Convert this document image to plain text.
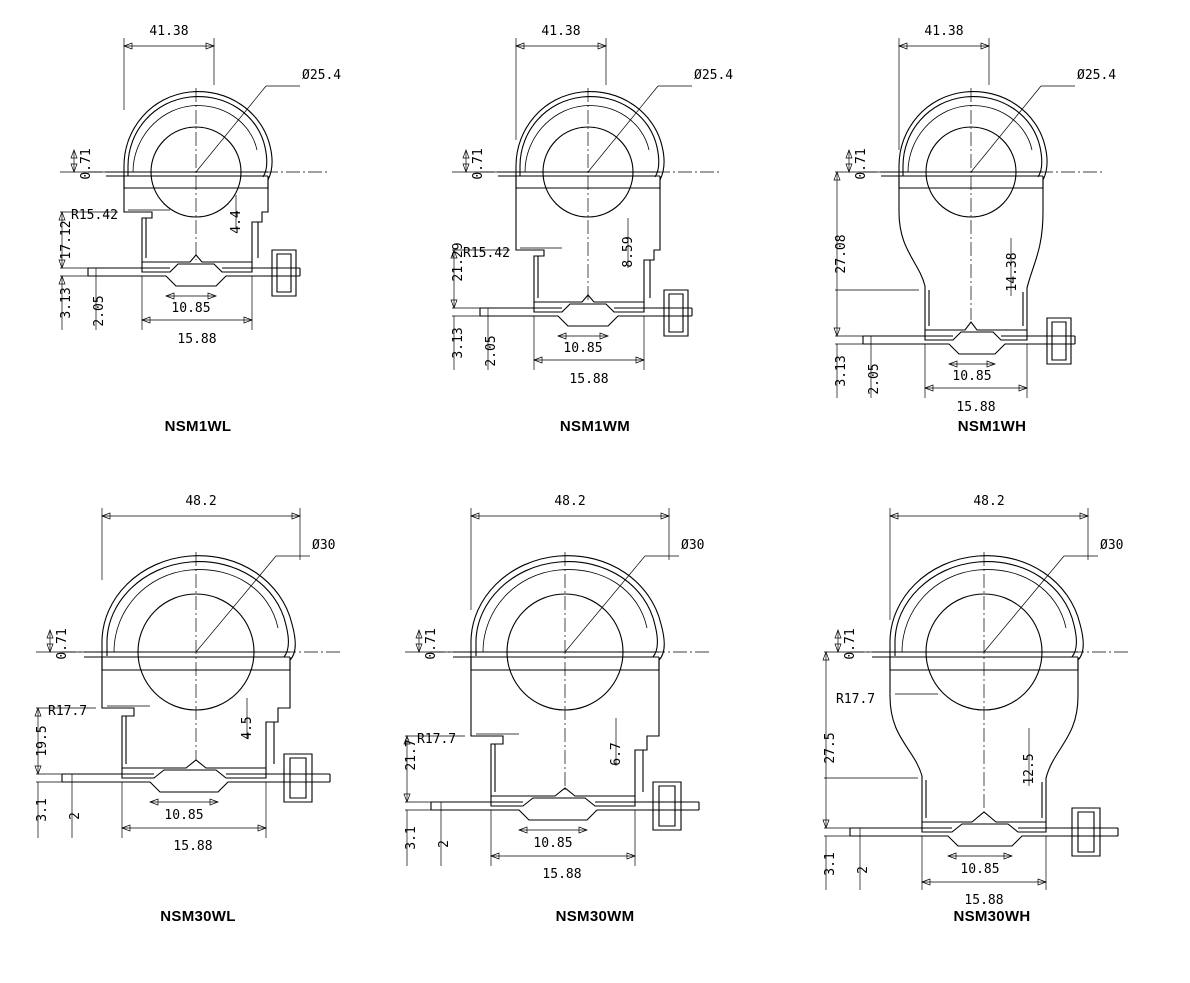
41.38
Ø25.4
0.71
17.12
R15.42	4.4
3.13 2.05	10.85
15.88
NSM1WL
41.38
Ø25.4
0.71
21.29
R15.42	8.59
3.13 2.05	10.85
15.88
NSM1WM
41.38
Ø25.4
0.71
27.08	14.38
3.13 2.05	10.85
15.88
NSM1WH
48.2
Ø30
0.71
19.5
R17.7
4.5
3.1 2	10.85
15.88
NSM30WL
48.2
Ø30
0.71
21.7
R17.7
6.7
3.1 2	10.85
15.88
NSM30WM
48.2
Ø30
0.71
27.5
R17.7
12.5
3.1 2	10.85
15.88
NSM30WH
